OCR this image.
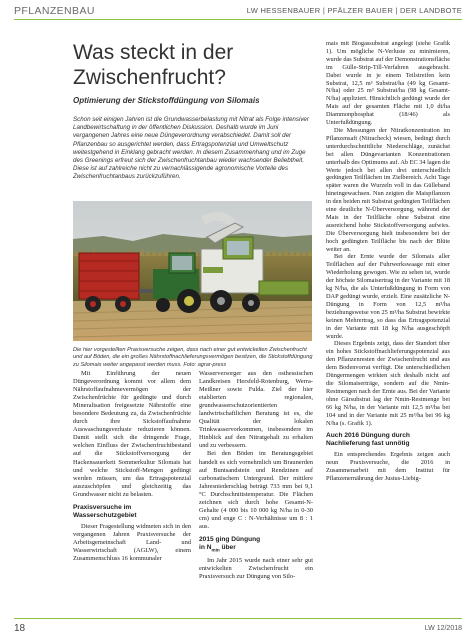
PFLANZENBAU	LW HESSENBAUER | PFÄLZER BAUER | DER LANDBOTE
Was steckt in der Zwischenfrucht?
Optimierung der Stickstoffdüngung von Silomais

Schon seit einigen Jahren ist die Grundwasserbelastung mit Nitrat als Folge intensiver Landbewirtschaftung in der öffentlichen Diskussion. Deshalb wurde im Juni vergangenen Jahres eine neue Düngeverordnung verabschiedet. Damit soll der Pflanzenbau so ausgerichtet werden, dass Ertragspotenzial und Umweltschutz weitestgehend in Einklang gebracht werden. In diesem Zusammenhang und im Zuge des Greenings erfreut sich der Zwischenfruchtanbau wieder wachsender Beliebtheit. Diese ist auf zahlreiche nicht zu vernachlässigende agronomische Vorteile des Zwischenfruchtanbaus zurückzuführen.

Die hier vorgestellten Praxisversuche zeigen, dass nach einer gut entwickelten Zwischenfrucht und auf Böden, die ein großes Nährstoffnachlieferungsvermögen besitzen, die Stickstoffdüngung zu Silomais weiter angepasst werden muss. Foto: agrar-press

Mit Einführung der neuen Düngeverordnung kommt vor allem dem Nährstoffaufnahmevermögen der Zwischenfrüchte für gedüngte und durch Mineralisation freigesetzte Nährstoffe eine besondere Bedeutung zu, da Zwischenfrüchte durch ihre Sickstoffaufnahme Auswaschungsverluste reduzieren können. Damit stellt sich die dringende Frage, welchen Einfluss der Zwischenfruchtbestand auf die Stickstoffversorgung der Hackensauerkeit Sommerkultur Silomais hat und welche Stickstoff-Mengen gedüngt werden müssen, um das Ertragspotenzial auszuschöpfen und gleichzeitig das Grundwasser nicht zu belasten.

Praxisversuche im Wasserschutzgebiet

Dieser Fragestellung widmeten sich in den vergangenen Jahren Praxisversuche der Arbeitsgemeinschaft Land- und Wasserwirtschaft (AGLW), einem Zusammenschluss 16 kommunaler

Wasserversorger aus den osthessischen Landkreisen Hersfeld-Rotenburg, Werra-Meißner sowie Fulda. Ziel der hier etablierten regionalen, grundwasserschutzorientierten landwirtschaftlichen Beratung ist es, die Qualität der lokalen Trinkwasservorkommen, insbesondere im Hinblick auf den Nitratgehalt zu erhalten und zu verbessern.

Bei den Böden im Beratungsgebiet handelt es sich vornehmlich um Braunerden auf Buntsandstein und Rendzinen auf carbonatischem Untergrund. Der mittlere Jahresniederschlag beträgt 733 mm bei 9,1 °C Durchschnittstemperatur. Die Flächen zeichnen sich durch hohe Gesamt-N-Gehalte (4 000 bis 10 000 kg N/ha in 0-30 cm) und enge C : N-Verhältnisse um 8 : 1 aus.

2015 ging Düngung
in $N_{min}$ über

Im Jahr 2015 wurde nach einer sehr gut entwickelten Zwischenfrucht ein Praxisversuch zur Düngung von Silo-

mais mit Biogassubstrat angelegt (siehe Grafik 1). Um mögliche N-Verluste zu minimieren, wurde das Substrat auf der Demonstrationsfläche im Gülle-Strip-Till-Verfahren ausgebracht. Dabei wurde in je einem Teilstreifen kein Substrat, 12,5 m³ Substrat/ha (49 kg Gesamt-N/ha) oder 25 m³ Substrat/ha (98 kg Gesamt-N/ha) appliziert. Hinsichtlich gedüngt wurde der Mais auf der gesamten Fläche mit 1,0 dt/ha Diammonphosphat (18/46) als Unterfußdüngung.

Die Messungen der Nitratkonzentration im Pflanzensaft (Nitracheck) wiesen, bedingt durch unterdurchschnittliche Niederschläge, zunächst bei allen Düngevarianten Konzentrationen unterhalb des Optimums auf. Ab EC 34 lagen die Werte jedoch bei allen drei unterschiedlich gedüngten Teilflächen im Zielbereich. Acht Tage später waren die Wurzeln voll in das Gülleband hineingewachsen. Nun zeigten die Maispflanzen in den beiden mit Substrat gedüngten Teilflächen eine deutliche N-Überversorgung, während der Mais in der Teilfläche ohne Substrat eine ausreichend hohe Stickstoffversorgung aufwies. Die Überversorgung hielt insbesondere bei der hoch gedüngten Teilfläche bis nach der Blüte weiter an.

Bei der Ernte wurde der Silomais aller Teilflächen auf der Fuhrwerkswaage mit einer Wiederholung gewogen. Wie zu sehen ist, wurde der höchste Silomaisertrag in der Variante mit 18 kg N/ha, die als Unterfußdüngung in Form von DAP gedüngt wurde, erzielt. Eine zusätzliche N-Düngung in Form von 12,5 m³/ha beziehungsweise von 25 m³/ha Substrat bewirkte keinen Mehrertrag, so dass das Ertragspotenzial in der Variante mit 18 kg N/ha ausgeschöpft wurde.

Dieses Ergebnis zeigt, dass der Standort über ein hohes Stickstoffnachlieferungspotenzial aus den Pflanzenresten der Zwischenfrucht und aus dem Bodenvorrat verfügt. Die unterschiedlichen Düngermengen wirkten sich deshalb nicht auf die Silomaiserträge, sondern auf die Nmin-Restmengen nach der Ernte aus. Bei der Variante ohne Gärsubstrat lag der Nmin-Restmenge bei 66 kg N/ha, in der Variante mit 12,5 m³/ha bei 104 und in der Variante mit 25 m³/ha bei 96 kg N/ha (s. Grafik 1).

Auch 2016 Düngung durch Nachlieferung fast unnötig

Ein entsprechendes Ergebnis zeigen auch neun Praxisversuche, die 2016 in Zusammenarbeit mit dem Institut für Pflanzenernährung der Justus-Liebig-

18	LW 12/2018
